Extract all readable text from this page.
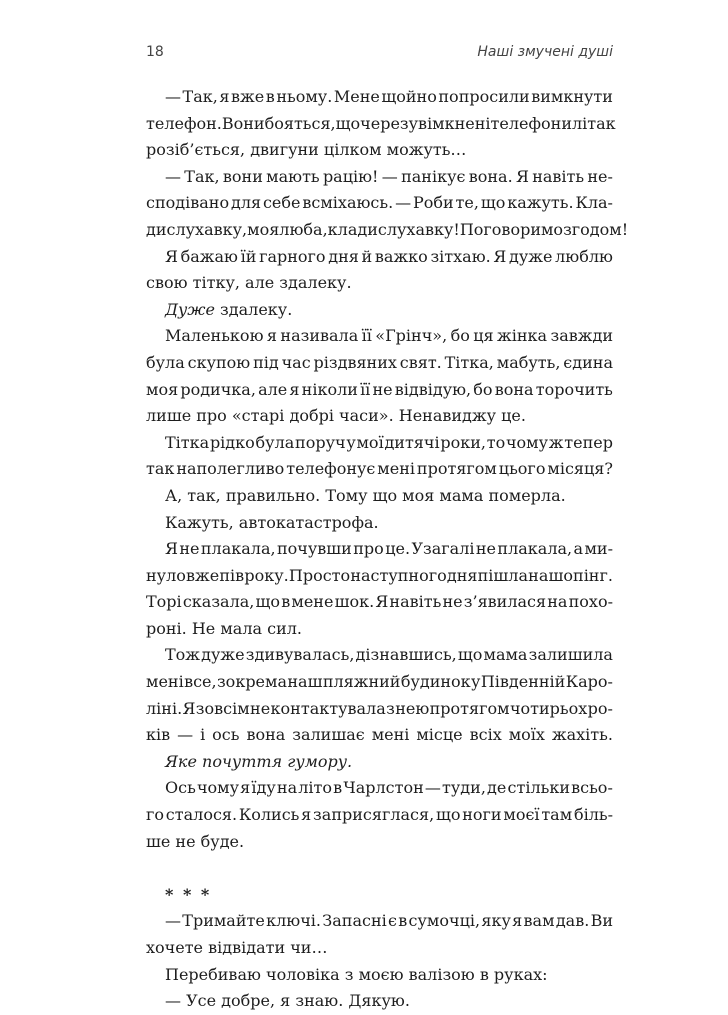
18	Наші змучені душі
— Так, я вже в ньому. Мене щойно попросили вимкнути
телефон. Вони бояться, що через увімкнені телефони літак
розіб’ється, двигуни цілком можуть…
— Так, вони мають рацію! — панікує вона. Я навіть не-
сподівано для себе всміхаюсь. — Роби те, що кажуть. Кла-
ди слухавку, моя люба, клади слухавку! Поговоримо згодом!
Я бажаю їй гарного дня й важко зітхаю. Я дуже люблю
свою тітку, але здалеку.
Дуже здалеку.
Маленькою я називала її «Грінч», бо ця жінка завжди
була скупою під час різдвяних свят. Тітка, мабуть, єдина
моя родичка, але я ніколи її не відвідую, бо вона торочить
лише про «старі добрі часи». Ненавиджу це.
Тітка рідко була поруч у мої дитячі роки, то чому ж тепер
так наполегливо телефонує мені протягом цього місяця?
А, так, правильно. Тому що моя мама померла.
Кажуть, автокатастрофа.
Я не плакала, почувши про це. Узагалі не плакала, а ми-
нуло вже пів року. Просто наступного дня пішла на шопінг.
Торі сказала, що в мене шок. Я навіть не з’явилася на похо-
роні. Не мала сил.
Тож дуже здивувалась, дізнавшись, що мама залишила
мені все, зокрема наш пляжний будинок у Південній Каро-
ліні. Я зовсім не контактувала з нею протягом чотирьох ро-
ків — і ось вона залишає мені місце всіх моїх жахіть.
Яке почуття гумору.
Ось чому я їду на літо в Чарлстон — туди, де стільки всьо-
го сталося. Колись я заприсяглася, що ноги моєї там біль-
ше не буде.
* * *
— Тримайте ключі. Запасні є в сумочці, яку я вам дав. Ви
хочете відвідати чи…
Перебиваю чоловіка з моєю валізою в руках:
— Усе добре, я знаю. Дякую.
